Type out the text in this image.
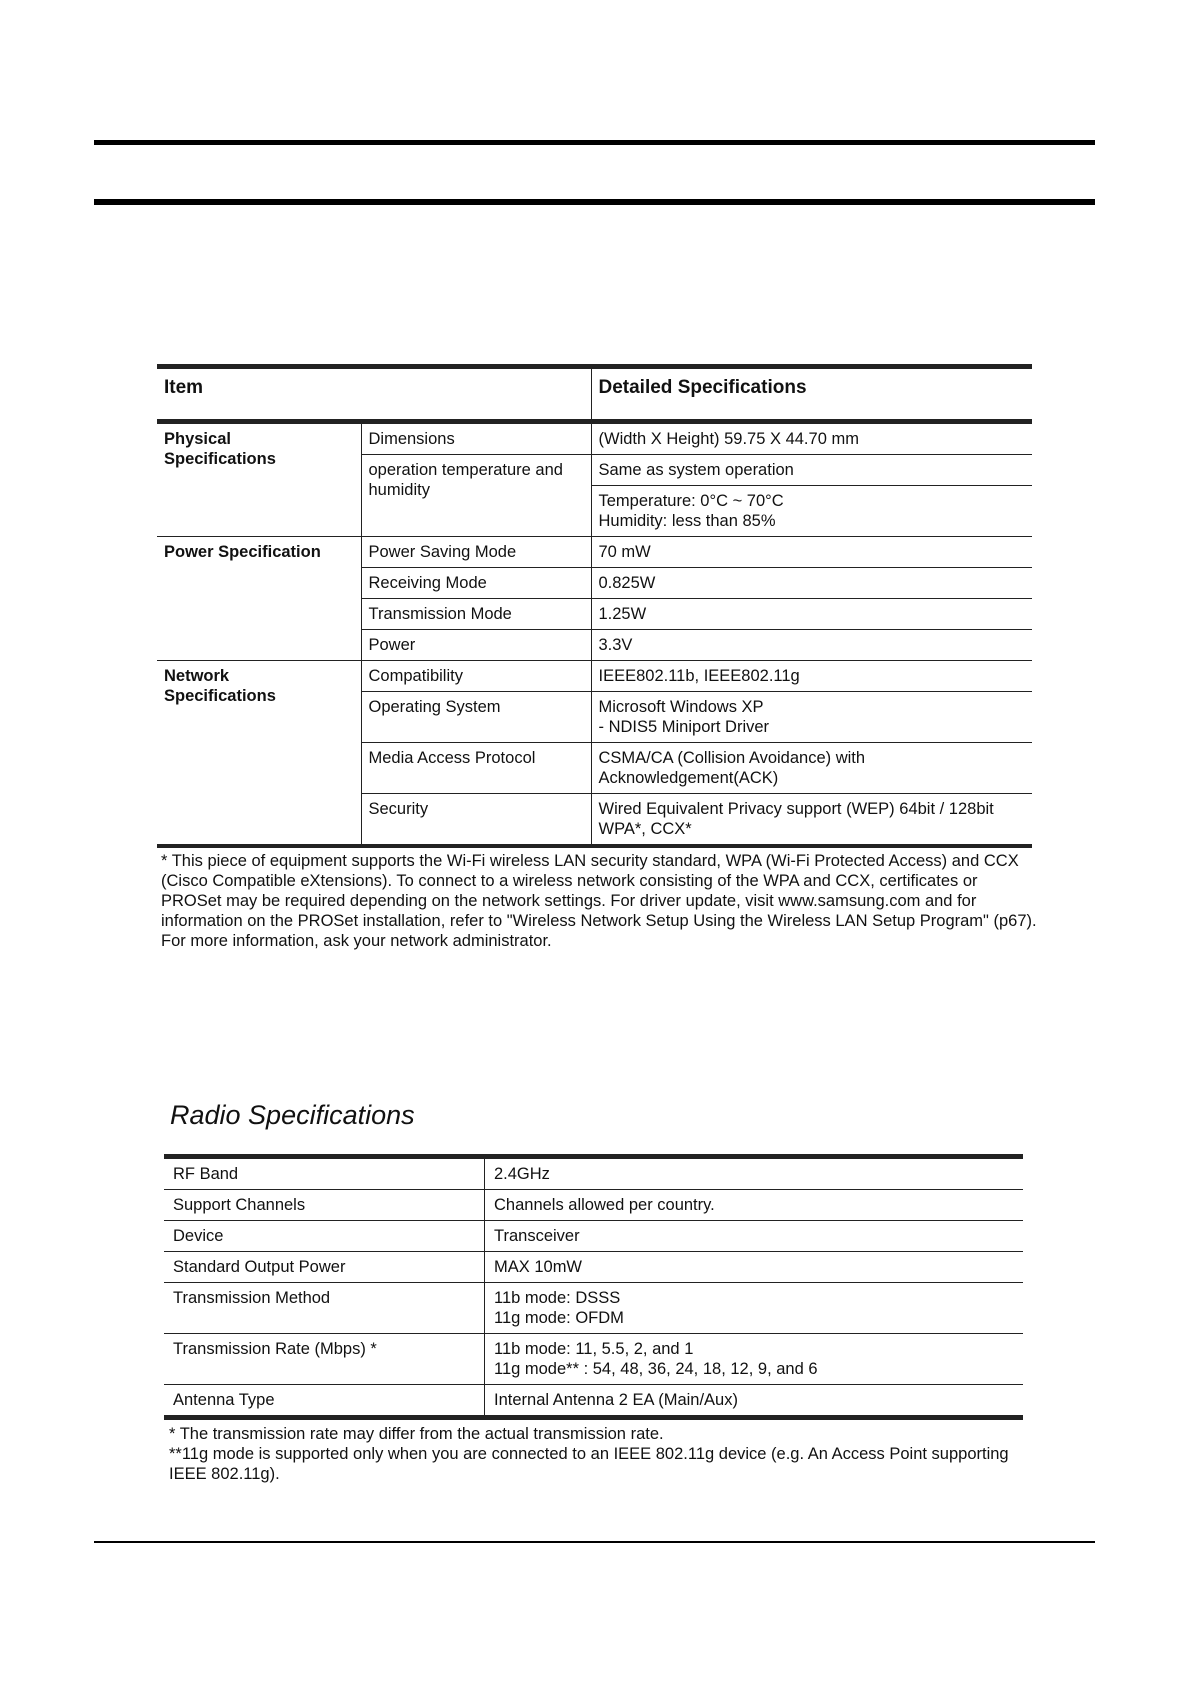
Item		Detailed Specifications
Physical
Specifications	Dimensions	(Width X Height) 59.75 X 44.70 mm
	operation temperature and humidity	Same as system operation
		Temperature: 0°C ~ 70°C
Humidity: less than 85%
Power Specification	Power Saving Mode	70 mW
	Receiving Mode	0.825W
	Transmission Mode	1.25W
	Power	3.3V
Network
Specifications	Compatibility	IEEE802.11b, IEEE802.11g
	Operating System	Microsoft Windows XP
- NDIS5 Miniport Driver
	Media Access Protocol	CSMA/CA (Collision Avoidance) with
Acknowledgement(ACK)
	Security	Wired Equivalent Privacy support (WEP) 64bit / 128bit
WPA*, CCX*
* This piece of equipment supports the Wi-Fi wireless LAN security standard, WPA (Wi-Fi Protected Access) and CCX (Cisco Compatible eXtensions). To connect to a wireless network consisting of the WPA and CCX, certificates or PROSet may be required depending on the network settings. For driver update, visit www.samsung.com and for information on the PROSet installation, refer to "Wireless Network Setup Using the Wireless LAN Setup Program" (p67). For more information, ask your network administrator.
Radio Specifications
RF Band	2.4GHz
Support Channels	Channels allowed per country.
Device	Transceiver
Standard Output Power	MAX 10mW
Transmission Method	11b mode: DSSS
11g mode: OFDM
Transmission Rate (Mbps) *	11b mode: 11, 5.5, 2, and 1
11g mode** : 54, 48, 36, 24, 18, 12, 9, and 6
Antenna Type	Internal Antenna 2 EA (Main/Aux)
* The transmission rate may differ from the actual transmission rate.
**11g mode is supported only when you are connected to an IEEE 802.11g device (e.g. An Access Point supporting IEEE 802.11g).
